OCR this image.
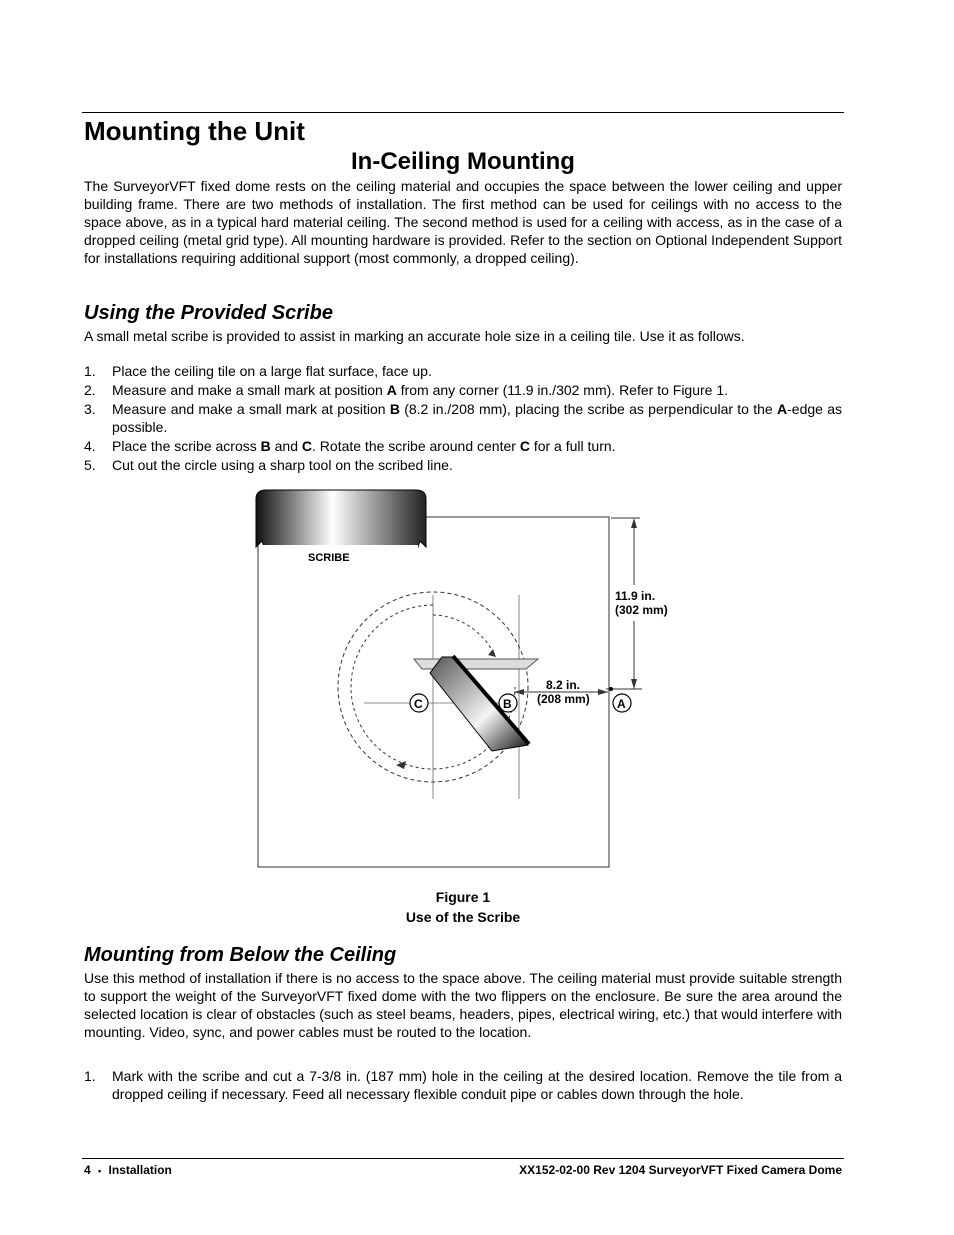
Mounting the Unit
In-Ceiling Mounting

The SurveyorVFT fixed dome rests on the ceiling material and occupies the space between the lower ceiling and upper building frame. There are two methods of installation. The first method can be used for ceilings with no access to the space above, as in a typical hard material ceiling. The second method is used for a ceiling with access, as in the case of a dropped ceiling (metal grid type). All mounting hardware is provided. Refer to the section on Optional Independent Support for installations requiring additional support (most commonly, a dropped ceiling).

Using the Provided Scribe

A small metal scribe is provided to assist in marking an accurate hole size in a ceiling tile. Use it as follows.

1. Place the ceiling tile on a large flat surface, face up.
2. Measure and make a small mark at position A from any corner (11.9 in./302 mm). Refer to Figure 1.
3. Measure and make a small mark at position B (8.2 in./208 mm), placing the scribe as perpendicular to the A-edge as possible.
4. Place the scribe across B and C. Rotate the scribe around center C for a full turn.
5. Cut out the circle using a sharp tool on the scribed line.
SCRIBE
11.9 in.
(302 mm)
8.2 in.
(208 mm)
C	B	A
Figure 1
Use of the Scribe
Mounting from Below the Ceiling

Use this method of installation if there is no access to the space above. The ceiling material must provide suitable strength to support the weight of the SurveyorVFT fixed dome with the two flippers on the enclosure. Be sure the area around the selected location is clear of obstacles (such as steel beams, headers, pipes, electrical wiring, etc.) that would interfere with mounting. Video, sync, and power cables must be routed to the location.

1. Mark with the scribe and cut a 7-3/8 in. (187 mm) hole in the ceiling at the desired location. Remove the tile from a dropped ceiling if necessary. Feed all necessary flexible conduit pipe or cables down through the hole.
4 • Installation	XX152-02-00 Rev 1204 SurveyorVFT Fixed Camera Dome
